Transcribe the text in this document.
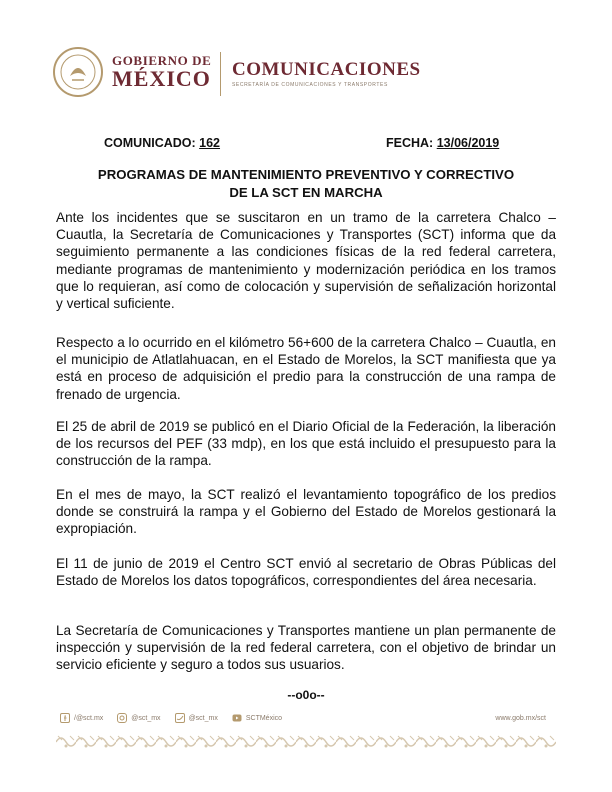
GOBIERNO DE
MÉXICO COMUNICACIONES
SECRETARÍA DE COMUNICACIONES Y TRANSPORTES
COMUNICADO: 162	FECHA: 13/06/2019
PROGRAMAS DE MANTENIMIENTO PREVENTIVO Y CORRECTIVO
DE LA SCT EN MARCHA

Ante los incidentes que se suscitaron en un tramo de la carretera Chalco – Cuautla, la Secretaría de Comunicaciones y Transportes (SCT) informa que da seguimiento permanente a las condiciones físicas de la red federal carretera, mediante programas de mantenimiento y modernización periódica en los tramos que lo requieran, así como de colocación y supervisión de señalización horizontal y vertical suficiente.

Respecto a lo ocurrido en el kilómetro 56+600 de la carretera Chalco – Cuautla, en el municipio de Atlatlahuacan, en el Estado de Morelos, la SCT manifiesta que ya está en proceso de adquisición el predio para la construcción de una rampa de frenado de urgencia.

El 25 de abril de 2019 se publicó en el Diario Oficial de la Federación, la liberación de los recursos del PEF (33 mdp), en los que está incluido el presupuesto para la construcción de la rampa.

En el mes de mayo, la SCT realizó el levantamiento topográfico de los predios donde se construirá la rampa y el Gobierno del Estado de Morelos gestionará la expropiación.

El 11 de junio de 2019 el Centro SCT envió al secretario de Obras Públicas del Estado de Morelos los datos topográficos, correspondientes del área necesaria.

La Secretaría de Comunicaciones y Transportes mantiene un plan permanente de inspección y supervisión de la red federal carretera, con el objetivo de brindar un servicio eficiente y seguro a todos sus usuarios.

--o0o--
/@sct.mx	@sct_mx	@sct_mx	SCTMéxico	www.gob.mx/sct
